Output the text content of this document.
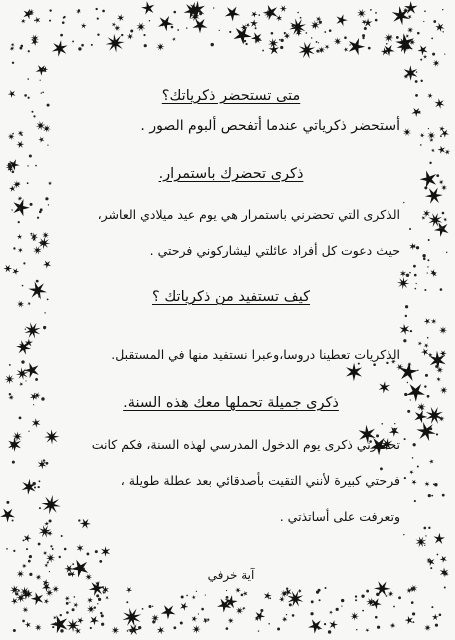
متى تستحضر ذكرياتك؟
أستحضر ذكرياتي عندما أتفحص ألبوم الصور .
ذكرى تحضرك باستمرار.
الذكرى التي تحضرني باستمرار هي يوم عيد ميلادي العاشر،
حيث دعوت كل أفراد عائلتي ليشاركوني فرحتي .
كيف تستفيد من ذكرياتك ؟
الذكريات تعطينا دروسا،وعبرا نستفيد منها في المستقبل.
ذكرى جميلة تحملها معك هذه السنة.
تحضرني ذكرى يوم الدخول المدرسي لهذه السنة، فكم كانت
فرحتي كبيرة لأنني التقيت بأصدقائي بعد عطلة طويلة ،
وتعرفت على أساتذتي .
آية خرفي
